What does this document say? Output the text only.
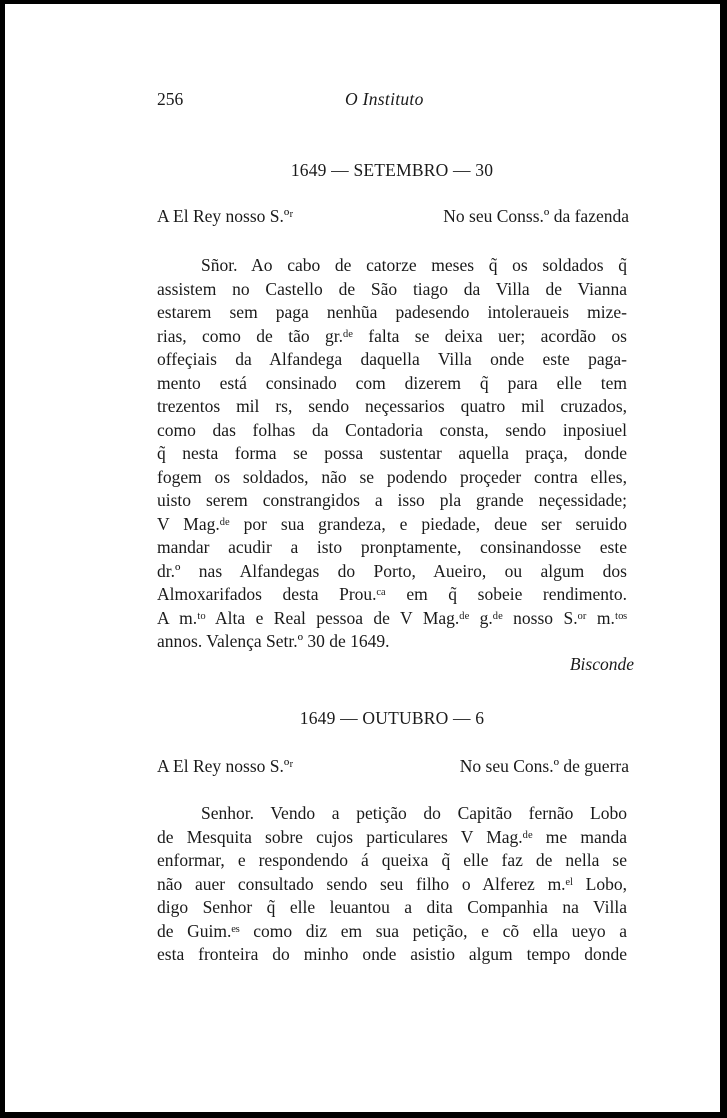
256	O Instituto
1649 — SETEMBRO — 30
A El Rey nosso S.ºʳ	No seu Conss.º da fazenda
Sñor. Ao cabo de catorze meses q̃ os soldados q̃
assistem no Castello de São tiago da Villa de Vianna
estarem sem paga nenhũa padesendo intoleraueis mize-
rias, como de tão gr.ᵈᵉ falta se deixa uer; acordão os
offeçiais da Alfandega daquella Villa onde este paga-
mento está consinado com dizerem q̃ para elle tem
trezentos mil rs, sendo neçessarios quatro mil cruzados,
como das folhas da Contadoria consta, sendo inposiuel
q̃ nesta forma se possa sustentar aquella praça, donde
fogem os soldados, não se podendo proçeder contra elles,
uisto serem constrangidos a isso pla grande neçessidade;
V Mag.ᵈᵉ por sua grandeza, e piedade, deue ser seruido
mandar acudir a isto pronptamente, consinandosse este
dr.º nas Alfandegas do Porto, Aueiro, ou algum dos
Almoxarifados desta Prou.ᶜᵃ em q̃ sobeie rendimento.
A m.ᵗᵒ Alta e Real pessoa de V Mag.ᵈᵉ g.ᵈᵉ nosso S.ᵒʳ m.ᵗᵒˢ
annos. Valença Setr.º 30 de 1649.
Bisconde
1649 — OUTUBRO — 6
A El Rey nosso S.ºʳ	No seu Cons.º de guerra
Senhor. Vendo a petição do Capitão fernão Lobo
de Mesquita sobre cujos particulares V Mag.ᵈᵉ me manda
enformar, e respondendo á queixa q̃ elle faz de nella se
não auer consultado sendo seu filho o Alferez m.ᵉˡ Lobo,
digo Senhor q̃ elle leuantou a dita Companhia na Villa
de Guim.ᵉˢ como diz em sua petição, e cõ ella ueyo a
esta fronteira do minho onde asistio algum tempo donde
